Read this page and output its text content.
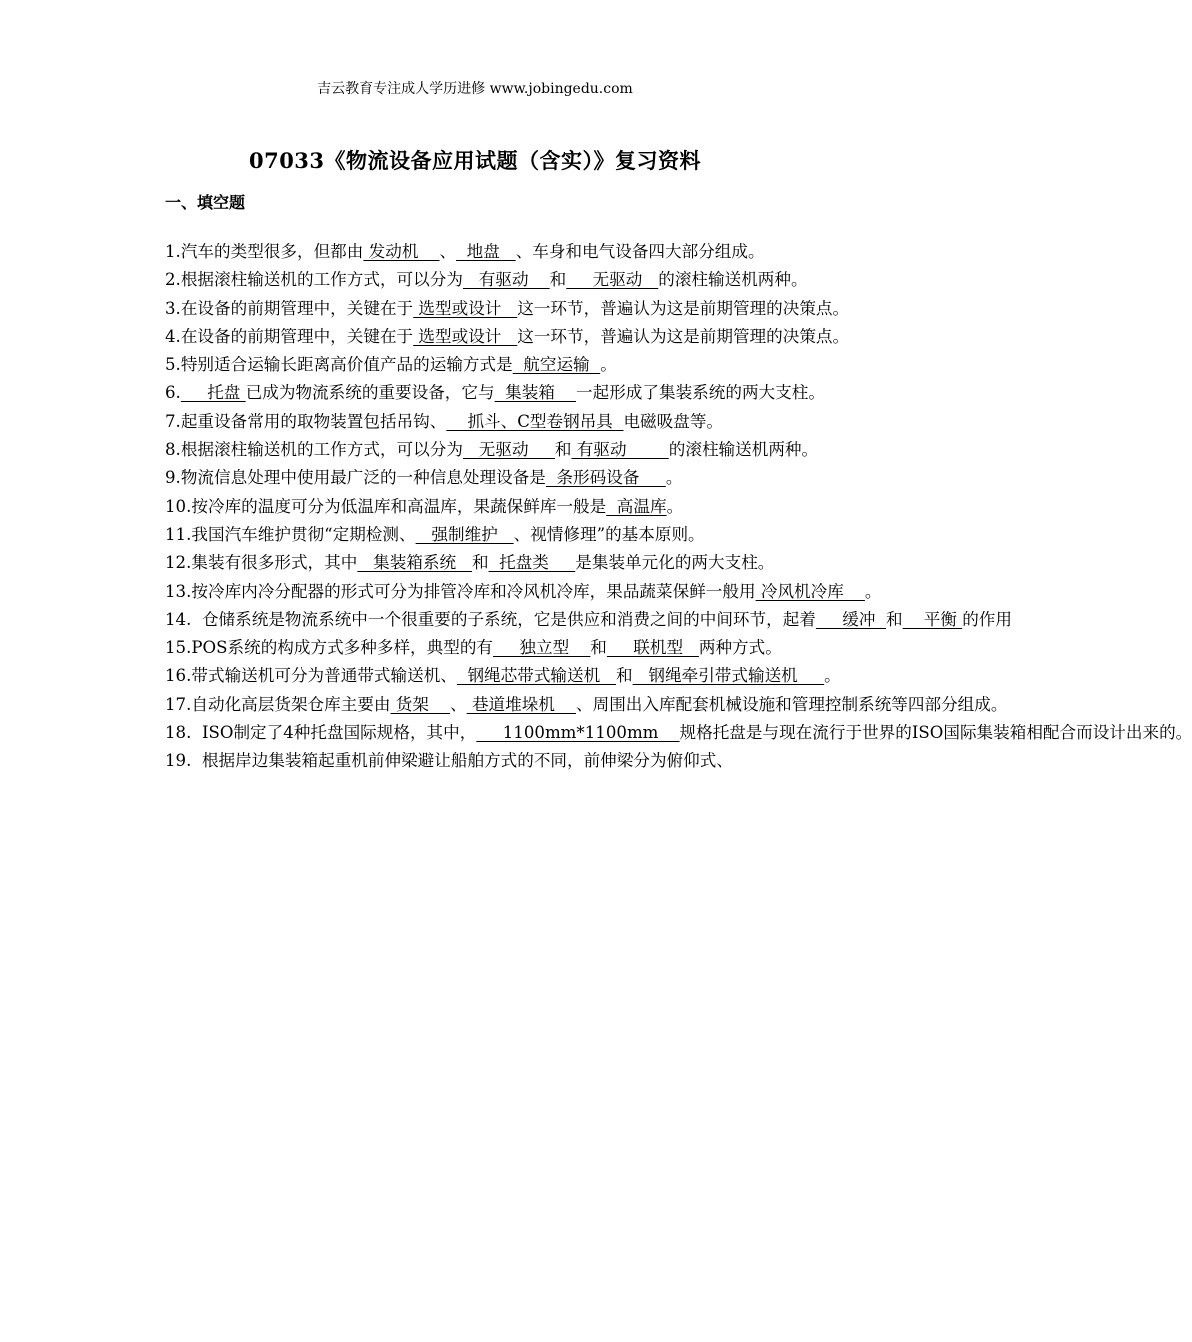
吉云教育专注成人学历进修 www.jobingedu.com
07033《物流设备应用试题（含实）》复习资料
一、填空题

1.汽车的类型很多，但都由 发动机    、  地盘   、车身和电气设备四大部分组成。

2.根据滚柱输送机的工作方式，可以分为   有驱动    和     无驱动   的滚柱输送机两种。

3.在设备的前期管理中，关键在于 选型或设计   这一环节，普遍认为这是前期管理的决策点。

4.在设备的前期管理中，关键在于 选型或设计   这一环节，普遍认为这是前期管理的决策点。

5.特别适合运输长距离高价值产品的运输方式是  航空运输  。

6.     托盘 已成为物流系统的重要设备，它与  集装箱    一起形成了集装系统的两大支柱。

7.起重设备常用的取物装置包括吊钩、    抓斗、C型卷钢吊具  电磁吸盘等。

8.根据滚柱输送机的工作方式，可以分为   无驱动     和 有驱动        的滚柱输送机两种。

9.物流信息处理中使用最广泛的一种信息处理设备是  条形码设备     。

10.按冷库的温度可分为低温库和高温库，果蔬保鲜库一般是  高温库。

11.我国汽车维护贯彻“定期检测、   强制维护   、视情修理”的基本原则。

12.集装有很多形式，其中   集装箱系统   和  托盘类     是集装单元化的两大支柱。

13.按冷库内冷分配器的形式可分为排管冷库和冷风机冷库，果品蔬菜保鲜一般用 冷风机冷库    。

14.  仓储系统是物流系统中一个很重要的子系统，它是供应和消费之间的中间环节，起着     缓冲  和    平衡 的作用

15.POS系统的构成方式多种多样，典型的有     独立型    和     联机型 两种方式。

16.带式输送机可分为普通带式输送机、  钢绳芯带式输送机   和   钢绳牵引带式输送机     。

17.自动化高层货架仓库主要由 货架    、 巷道堆垛机    、周围出入库配套机械设施和管理控制系统等四部分组成。

18.  ISO制定了4种托盘国际规格，其中，     1100mm*1100mm    规格托盘是与现在流行于世界的ISO国际集装箱相配合而设计出来的。

19.  根据岸边集装箱起重机前伸梁避让船舶方式的不同，前伸梁分为俯仰式、
